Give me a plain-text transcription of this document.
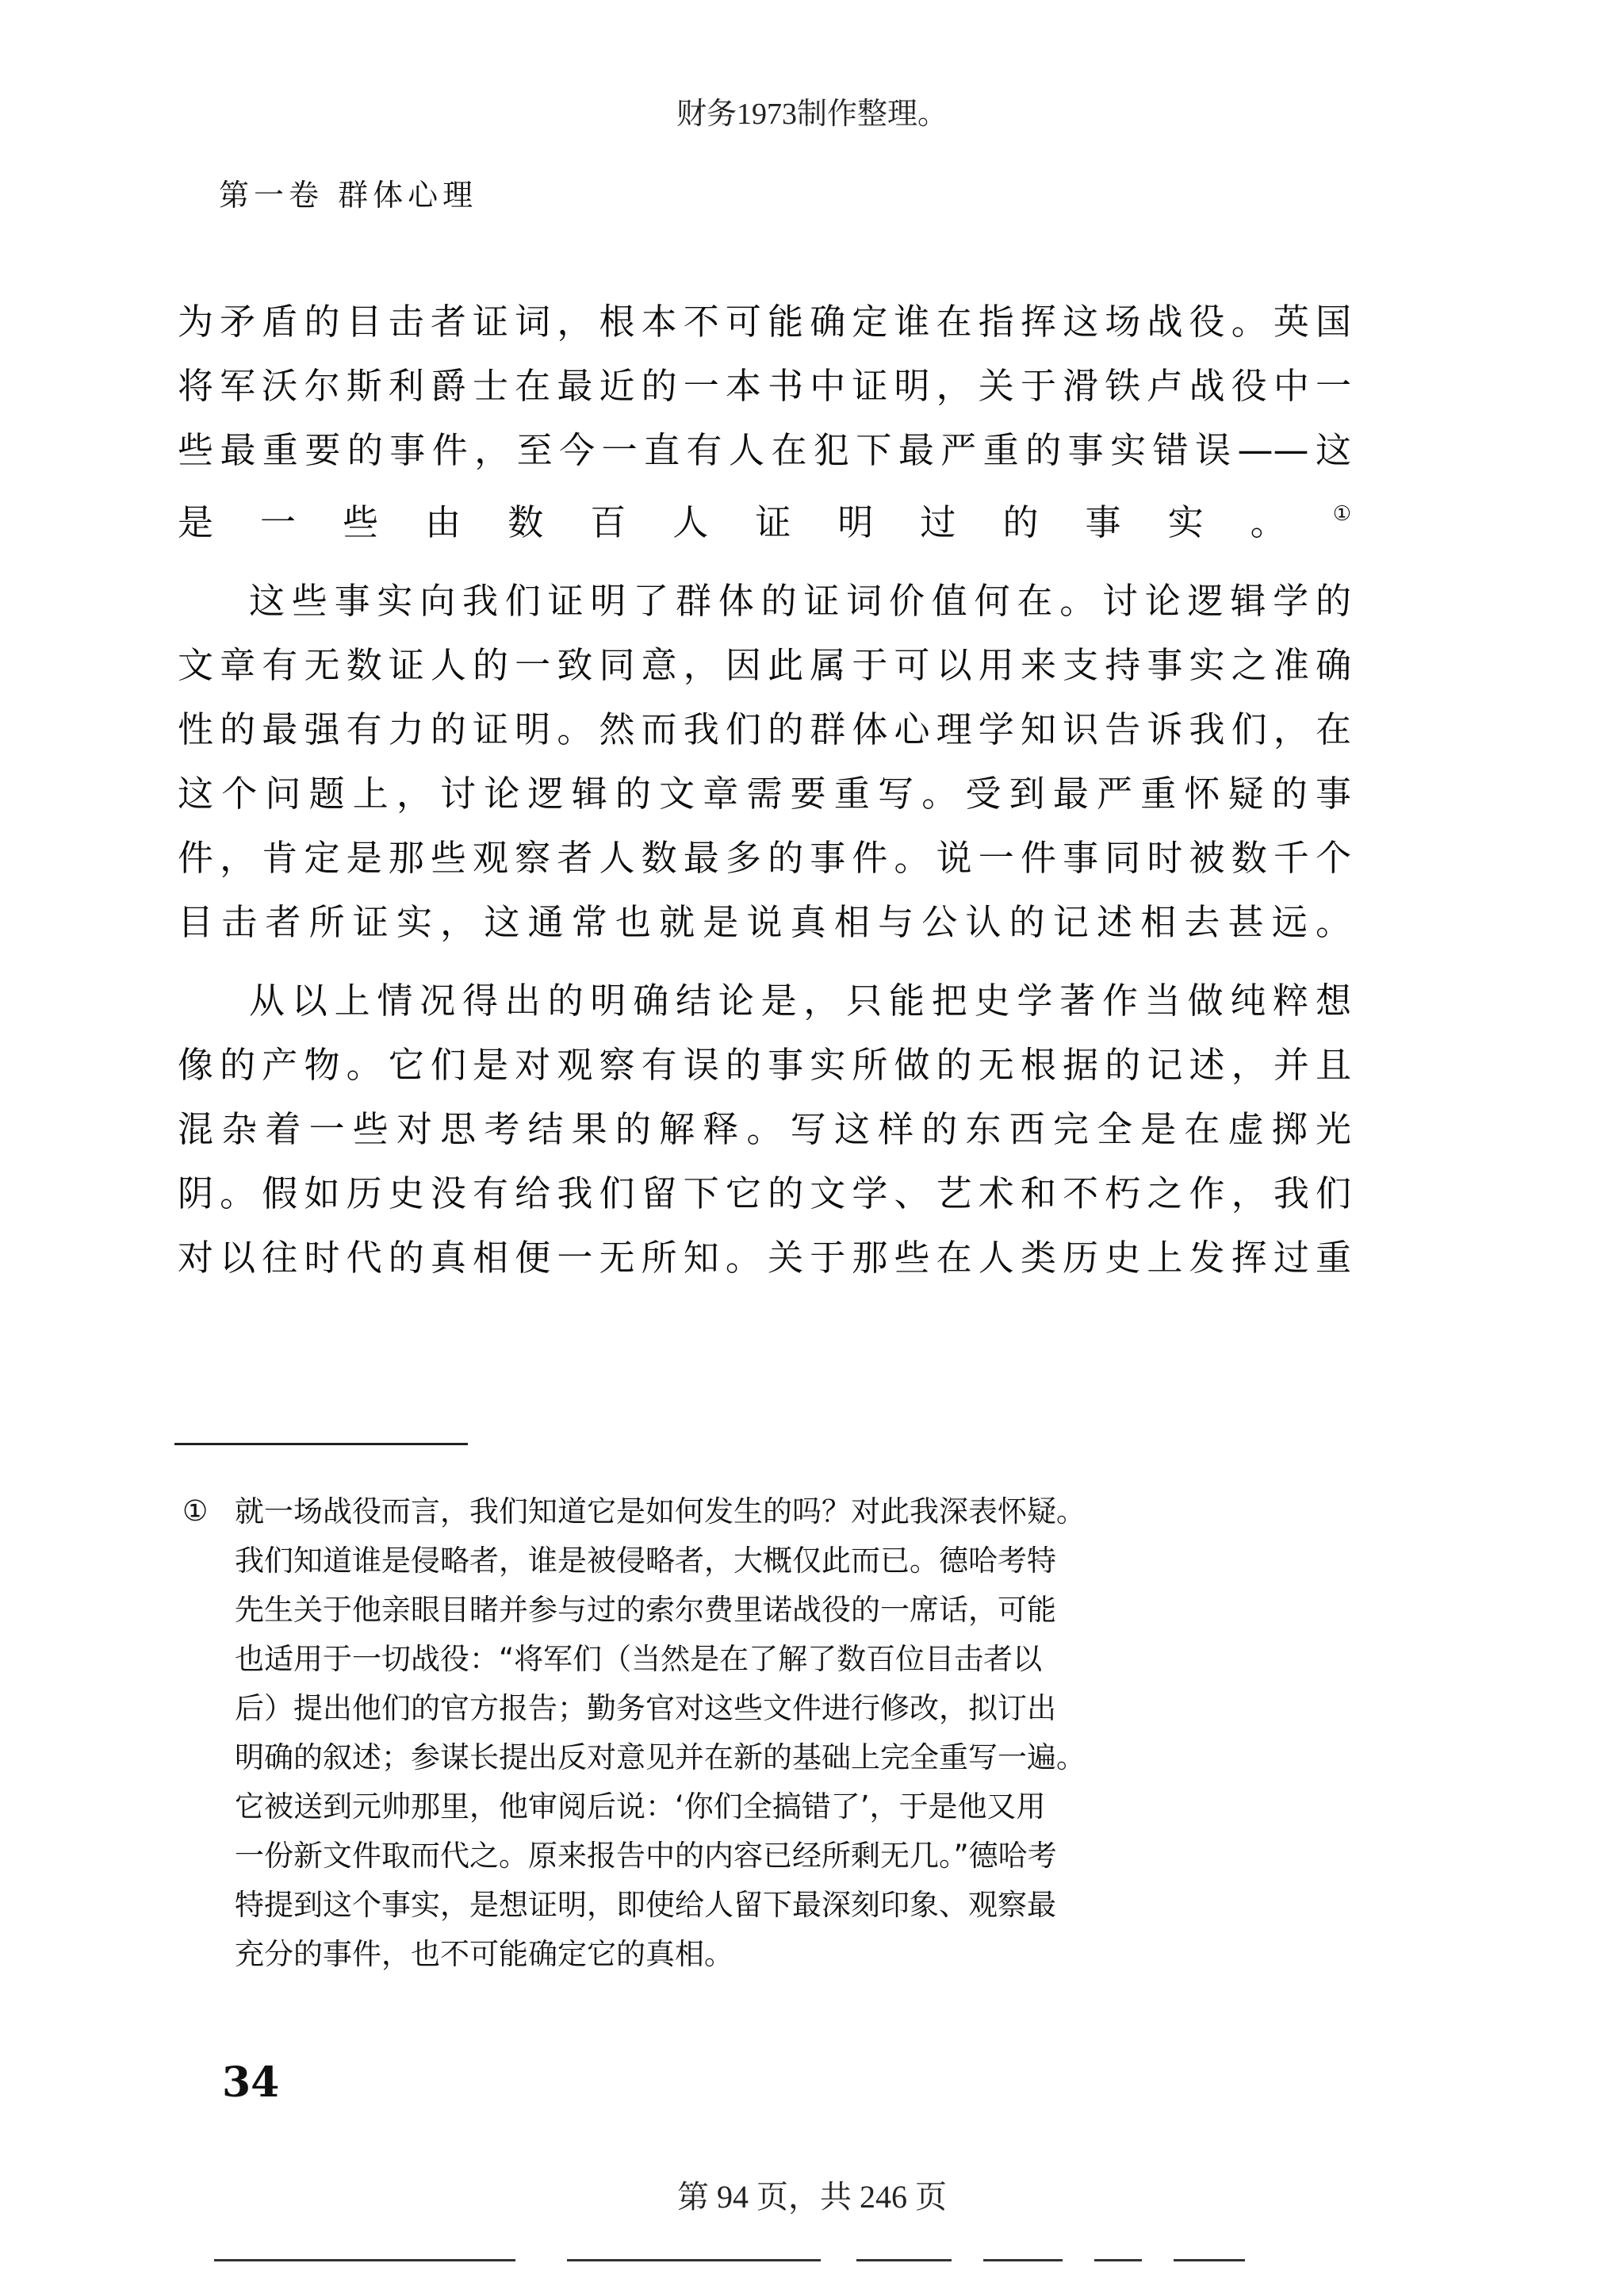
财务1973制作整理。
第一卷 群体心理
为矛盾的目击者证词，根本不可能确定谁在指挥这场战役。英国
将军沃尔斯利爵士在最近的一本书中证明，关于滑铁卢战役中一
些最重要的事件，至今一直有人在犯下最严重的事实错误——这
是一些由数百人证明过的事实。①
这些事实向我们证明了群体的证词价值何在。讨论逻辑学的
文章有无数证人的一致同意，因此属于可以用来支持事实之准确
性的最强有力的证明。然而我们的群体心理学知识告诉我们，在
这个问题上，讨论逻辑的文章需要重写。受到最严重怀疑的事
件，肯定是那些观察者人数最多的事件。说一件事同时被数千个
目击者所证实，这通常也就是说真相与公认的记述相去甚远。
从以上情况得出的明确结论是，只能把史学著作当做纯粹想
像的产物。它们是对观察有误的事实所做的无根据的记述，并且
混杂着一些对思考结果的解释。写这样的东西完全是在虚掷光
阴。假如历史没有给我们留下它的文学、艺术和不朽之作，我们
对以往时代的真相便一无所知。关于那些在人类历史上发挥过重
① 就一场战役而言，我们知道它是如何发生的吗？对此我深表怀疑。
我们知道谁是侵略者，谁是被侵略者，大概仅此而已。德哈考特
先生关于他亲眼目睹并参与过的索尔费里诺战役的一席话，可能
也适用于一切战役：“将军们（当然是在了解了数百位目击者以
后）提出他们的官方报告；勤务官对这些文件进行修改，拟订出
明确的叙述；参谋长提出反对意见并在新的基础上完全重写一遍。
它被送到元帅那里，他审阅后说：‘你们全搞错了’，于是他又用
一份新文件取而代之。原来报告中的内容已经所剩无几。”德哈考
特提到这个事实，是想证明，即使给人留下最深刻印象、观察最
充分的事件，也不可能确定它的真相。
34
第 94 页，共 246 页
